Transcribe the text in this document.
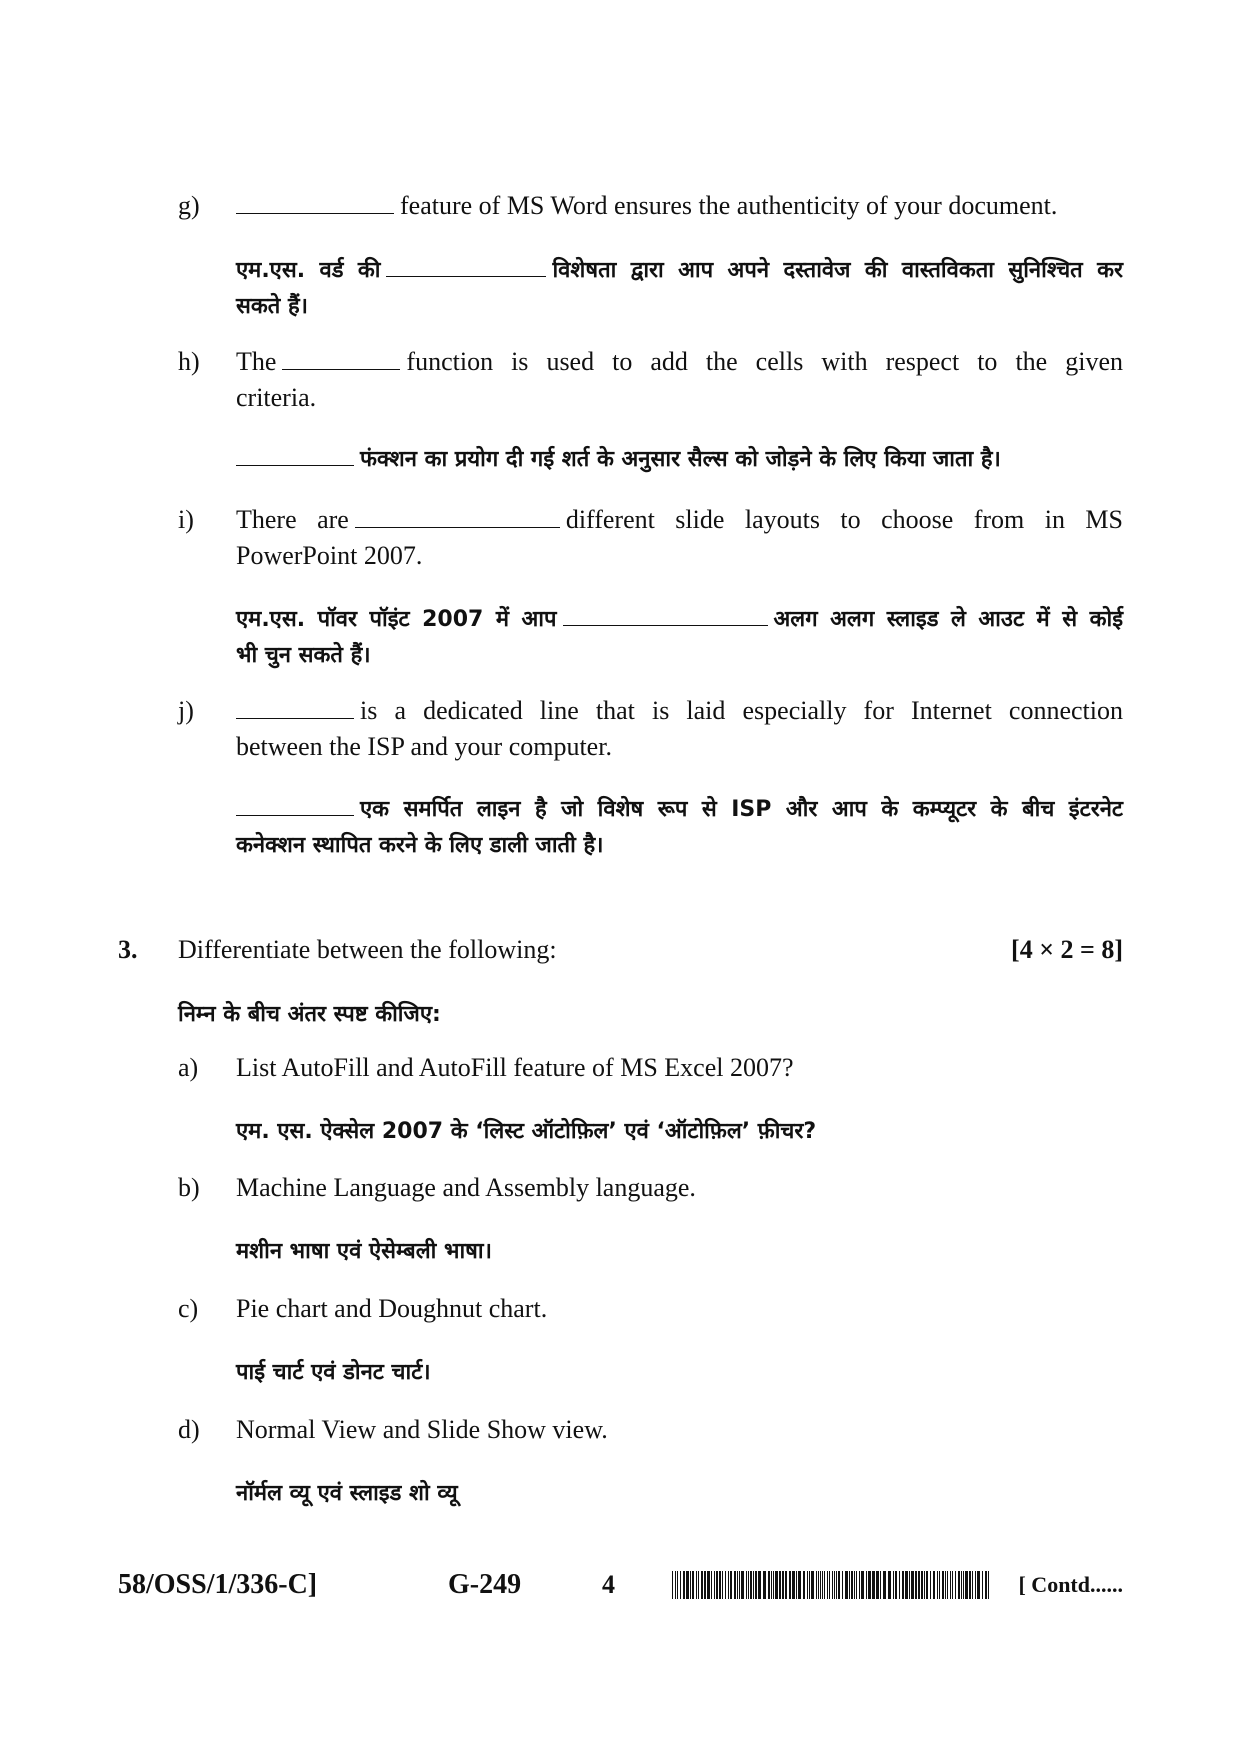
g)	feature of MS Word ensures the authenticity of your document.
एम.एस. वर्ड की	विशेषता द्वारा आप अपने दस्तावेज की वास्तविकता सुनिश्चित कर
सकते हैं।
h) The	function is used to add the cells with respect to the given
criteria.
फंक्शन का प्रयोग दी गई शर्त के अनुसार सैल्स को जोड़ने के लिए किया जाता है।
i) There are	different slide layouts to choose from in MS
PowerPoint 2007.
एम.एस. पॉवर पॉइंट 2007 में आप	अलग अलग स्लाइड ले आउट में से कोई
भी चुन सकते हैं।
j)	is a dedicated line that is laid especially for Internet connection
between the ISP and your computer.
एक समर्पित लाइन है जो विशेष रूप से ISP और आप के कम्प्यूटर के बीच इंटरनेट
कनेक्शन स्थापित करने के लिए डाली जाती है।
3. Differentiate between the following:	[4 × 2 = 8]
निम्न के बीच अंतर स्पष्ट कीजिए:
a) List AutoFill and AutoFill feature of MS Excel 2007?
एम. एस. ऐक्सेल 2007 के ‘लिस्ट ऑटोफ़िल’ एवं ‘ऑटोफ़िल’ फ़ीचर?
b) Machine Language and Assembly language.
मशीन भाषा एवं ऐसेम्बली भाषा।
c) Pie chart and Doughnut chart.
पाई चार्ट एवं डोनट चार्ट।
d) Normal View and Slide Show view.
नॉर्मल व्यू एवं स्लाइड शो व्यू
58/OSS/1/336-C]	G-249	4	[ Contd......
